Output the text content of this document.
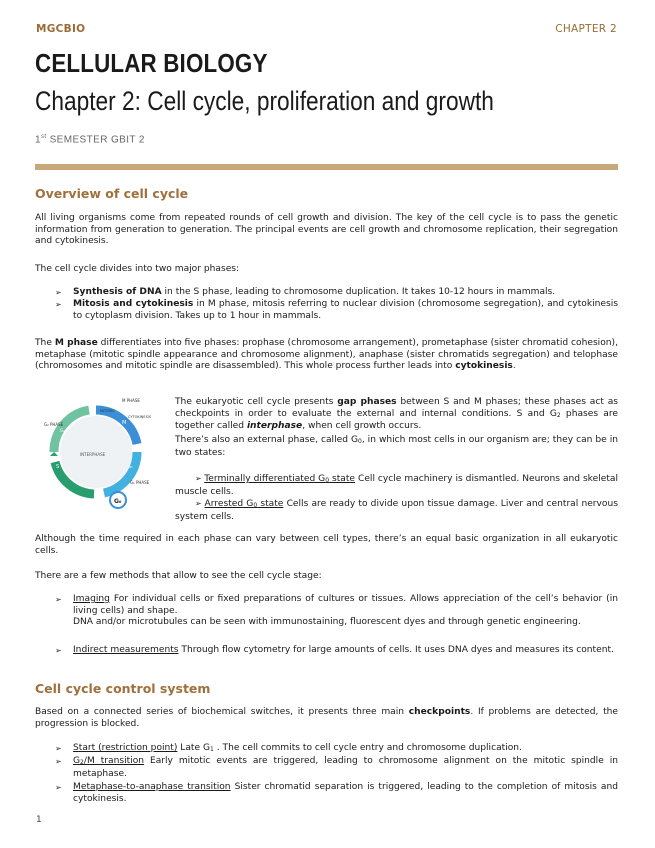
MGCBIO	CHAPTER 2
CELLULAR BIOLOGY
Chapter 2: Cell cycle, proliferation and growth
1st SEMESTER GBIT 2
Overview of cell cycle
All living organisms come from repeated rounds of cell growth and division. The key of the cell cycle is to pass the genetic information from generation to generation. The principal events are cell growth and chromosome replication, their segregation and cytokinesis.
The cell cycle divides into two major phases:
➢ Synthesis of DNA in the S phase, leading to chromosome duplication. It takes 10-12 hours in mammals.
➢ Mitosis and cytokinesis in M phase, mitosis referring to nuclear division (chromosome segregation), and cytokinesis to cytoplasm division. Takes up to 1 hour in mammals.
The M phase differentiates into five phases: prophase (chromosome arrangement), prometaphase (sister chromatid cohesion), metaphase (mitotic spindle appearance and chromosome alignment), anaphase (sister chromatids segregation) and telophase (chromosomes and mitotic spindle are disassembled). This whole process further leads into cytokinesis.
G₀
INTERPHASE
G₂ PHASE
G₁ PHASE
M PHASE
MITOSIS
CYTOKINESIS
S
M
G₁
G₂
The eukaryotic cell cycle presents gap phases between S and M phases; these phases act as checkpoints in order to evaluate the external and internal conditions. S and G2 phases are together called interphase, when cell growth occurs.
There’s also an external phase, called G0, in which most cells in our organism are; they can be in two states:
➢ Terminally differentiated G0 state Cell cycle machinery is dismantled. Neurons and skeletal muscle cells.
➢ Arrested G0 state Cells are ready to divide upon tissue damage. Liver and central nervous system cells.
Although the time required in each phase can vary between cell types, there’s an equal basic organization in all eukaryotic cells.
There are a few methods that allow to see the cell cycle stage:
➢ Imaging For individual cells or fixed preparations of cultures or tissues. Allows appreciation of the cell’s behavior (in living cells) and shape.
DNA and/or microtubules can be seen with immunostaining, fluorescent dyes and through genetic engineering.
➢ Indirect measurements Through flow cytometry for large amounts of cells. It uses DNA dyes and measures its content.
Cell cycle control system
Based on a connected series of biochemical switches, it presents three main checkpoints. If problems are detected, the progression is blocked.
➢ Start (restriction point) Late G1 . The cell commits to cell cycle entry and chromosome duplication.
➢ G2/M transition Early mitotic events are triggered, leading to chromosome alignment on the mitotic spindle in metaphase.
➢ Metaphase-to-anaphase transition Sister chromatid separation is triggered, leading to the completion of mitosis and cytokinesis.
1
